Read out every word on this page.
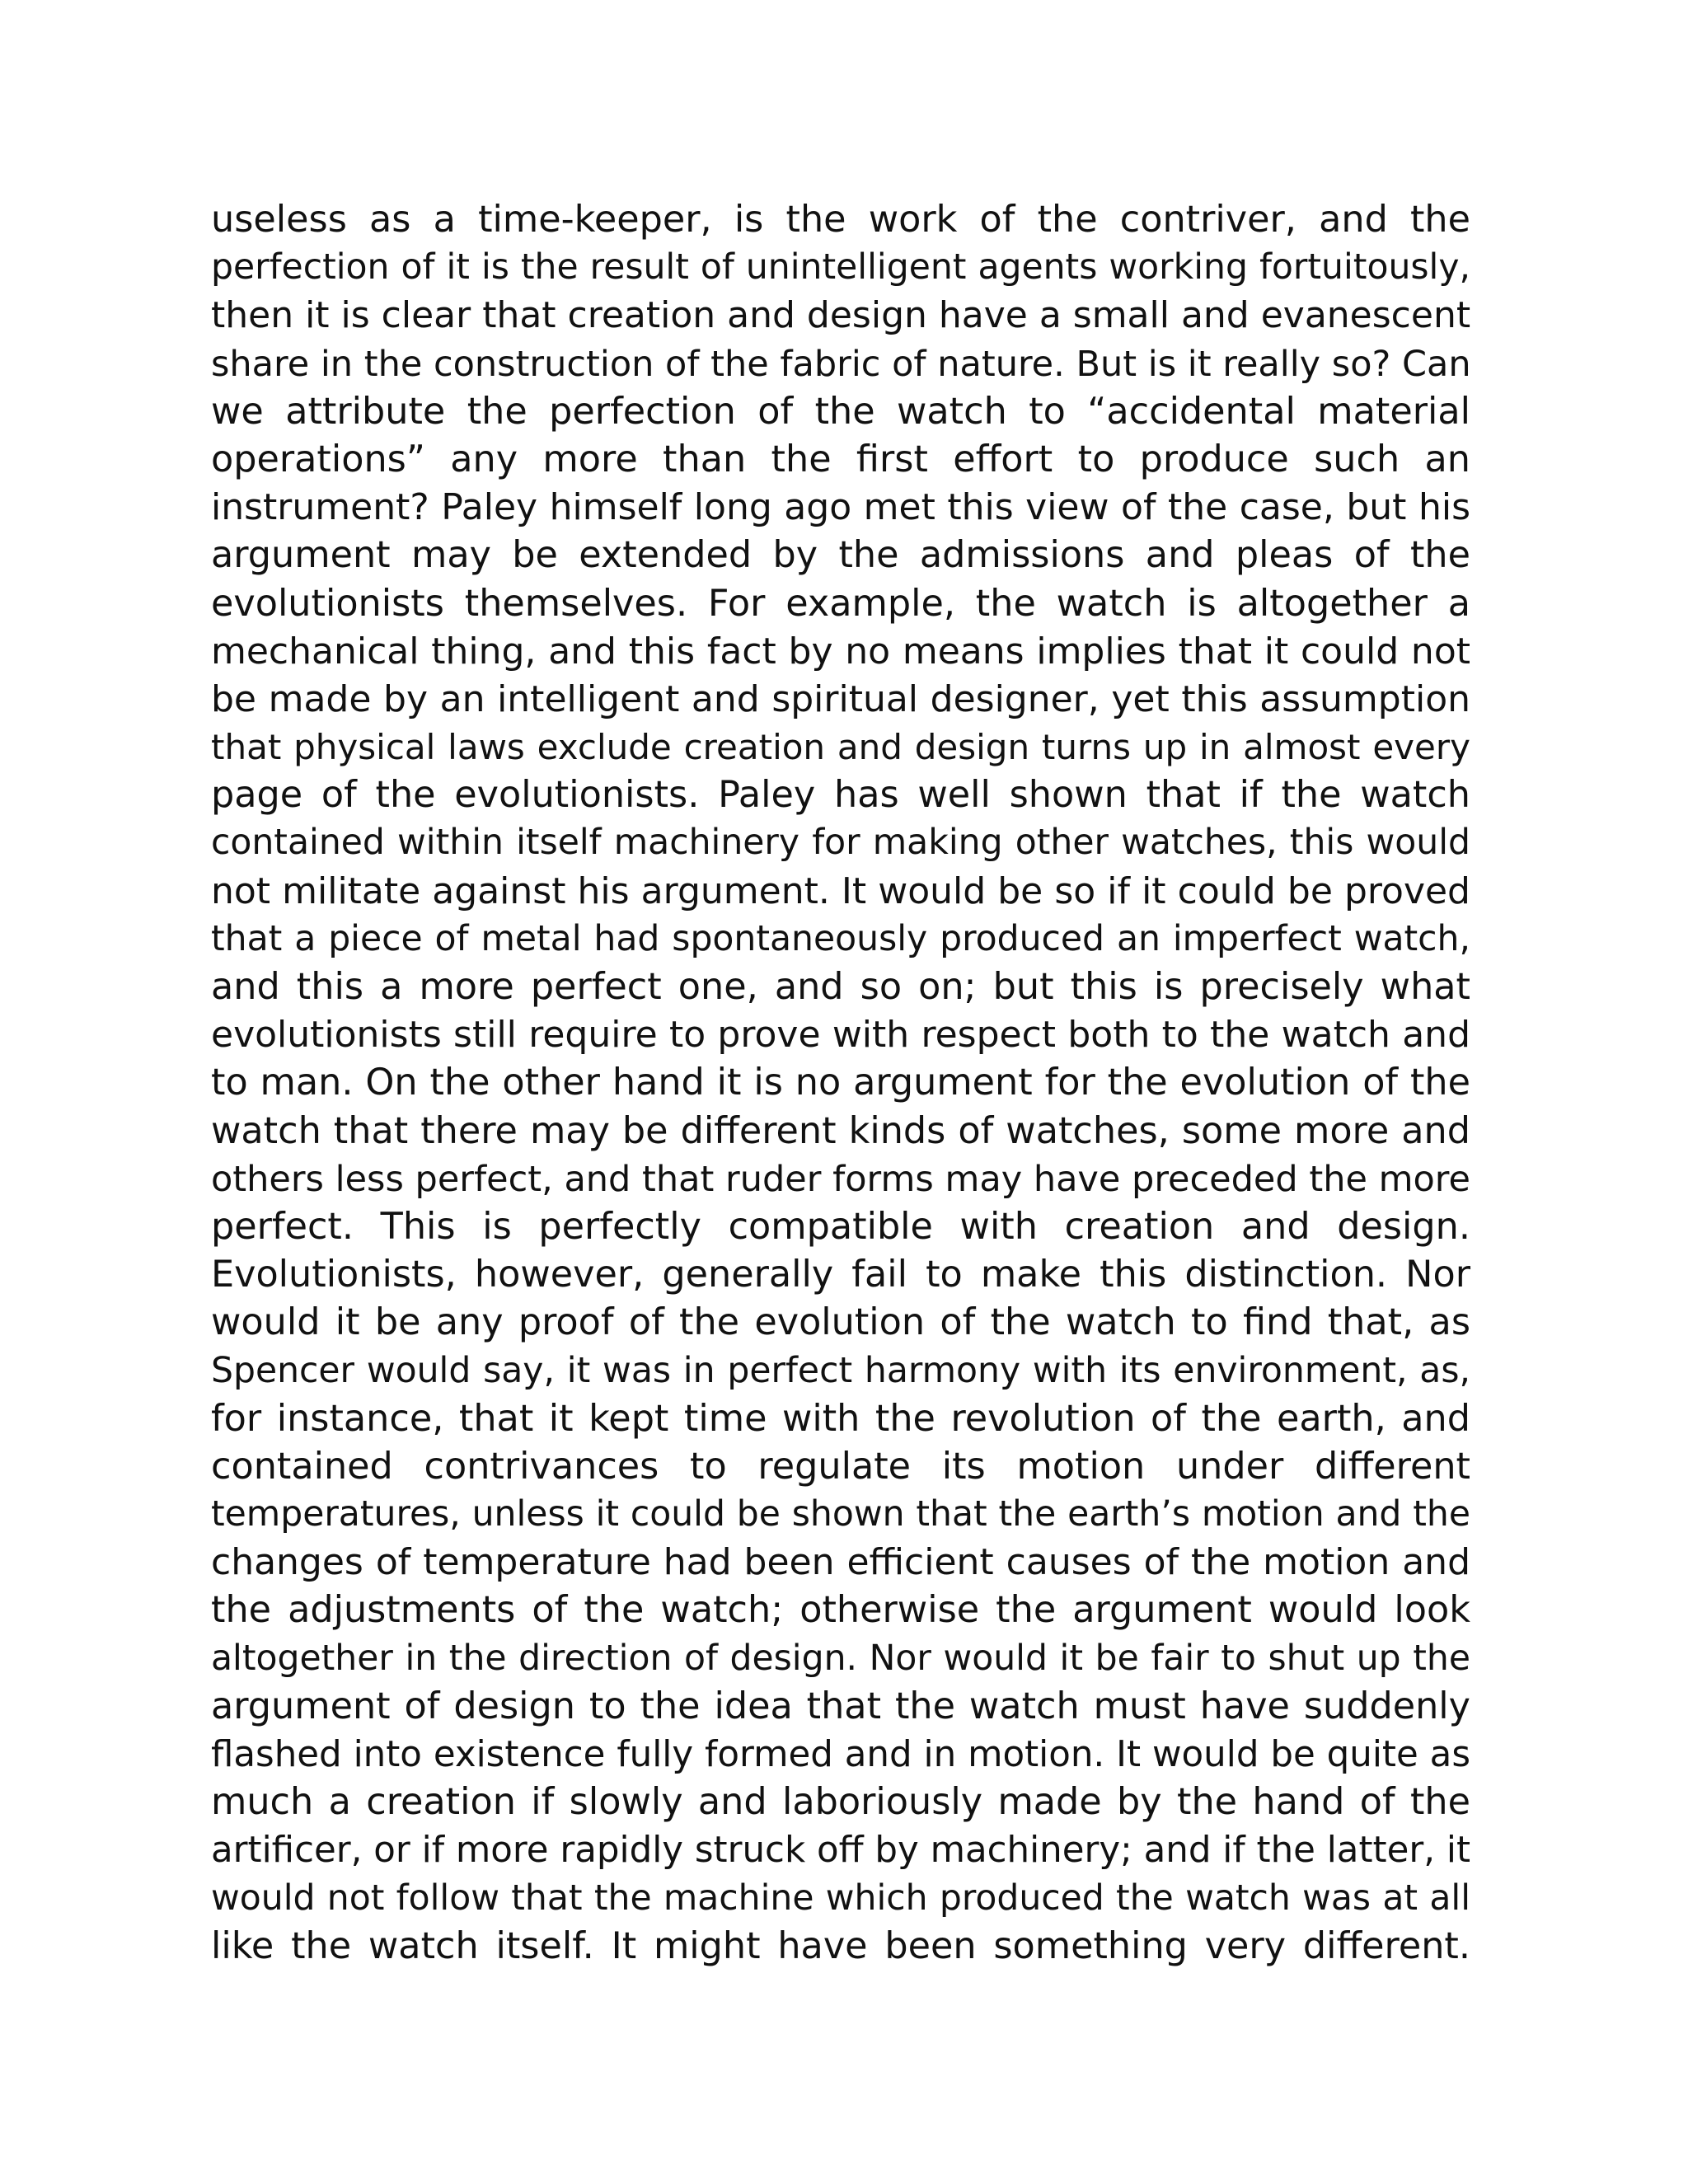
useless as a time-keeper, is the work of the contriver, and the
perfection of it is the result of unintelligent agents working fortuitously,
then it is clear that creation and design have a small and evanescent
share in the construction of the fabric of nature. But is it really so? Can
we attribute the perfection of the watch to “accidental material
operations” any more than the first effort to produce such an
instrument? Paley himself long ago met this view of the case, but his
argument may be extended by the admissions and pleas of the
evolutionists themselves. For example, the watch is altogether a
mechanical thing, and this fact by no means implies that it could not
be made by an intelligent and spiritual designer, yet this assumption
that physical laws exclude creation and design turns up in almost every
page of the evolutionists. Paley has well shown that if the watch
contained within itself machinery for making other watches, this would
not militate against his argument. It would be so if it could be proved
that a piece of metal had spontaneously produced an imperfect watch,
and this a more perfect one, and so on; but this is precisely what
evolutionists still require to prove with respect both to the watch and
to man. On the other hand it is no argument for the evolution of the
watch that there may be different kinds of watches, some more and
others less perfect, and that ruder forms may have preceded the more
perfect. This is perfectly compatible with creation and design.
Evolutionists, however, generally fail to make this distinction. Nor
would it be any proof of the evolution of the watch to find that, as
Spencer would say, it was in perfect harmony with its environment, as,
for instance, that it kept time with the revolution of the earth, and
contained contrivances to regulate its motion under different
temperatures, unless it could be shown that the earth’s motion and the
changes of temperature had been efficient causes of the motion and
the adjustments of the watch; otherwise the argument would look
altogether in the direction of design. Nor would it be fair to shut up the
argument of design to the idea that the watch must have suddenly
flashed into existence fully formed and in motion. It would be quite as
much a creation if slowly and laboriously made by the hand of the
artificer, or if more rapidly struck off by machinery; and if the latter, it
would not follow that the machine which produced the watch was at all
like the watch itself. It might have been something very different.
